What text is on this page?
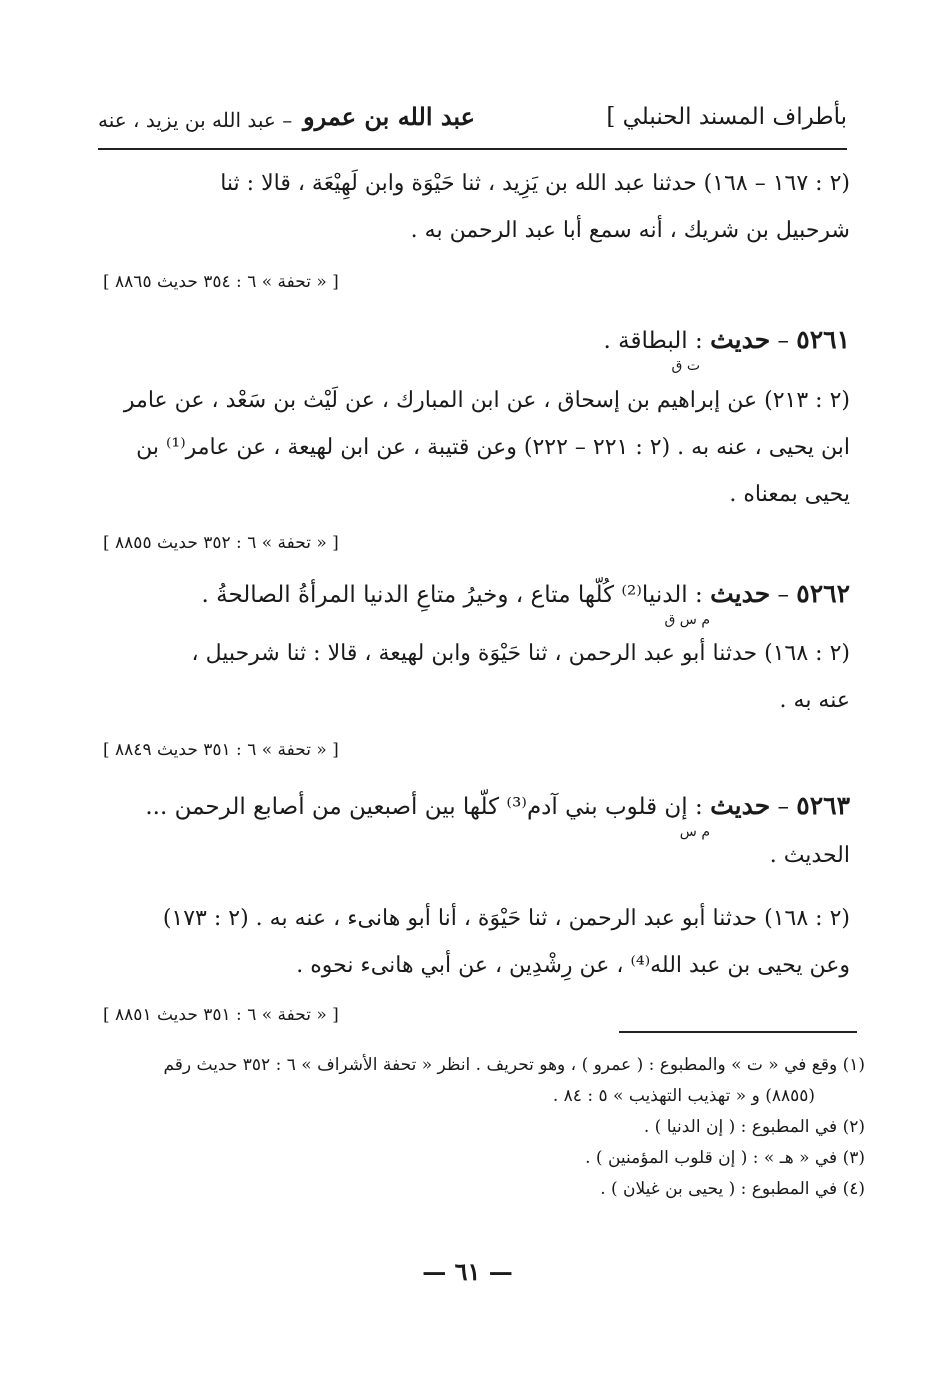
بأطراف المسند الحنبلي ]
عبد الله بن عمرو
– عبد الله بن يزيد ، عنه

(٢ : ١٦٧ – ١٦٨) حدثنا عبد الله بن يَزِيد ، ثنا حَيْوَة وابن لَهِيْعَة ، قالا : ثنا

شرحبيل بن شريك ، أنه سمع أبا عبد الرحمن به .

[ « تحفة » ٦ : ٣٥٤ حديث ٨٨٦٥ ]

٥٢٦١ – حديث : البطاقة .
ت ق

(٢ : ٢١٣) عن إبراهيم بن إسحاق ، عن ابن المبارك ، عن لَيْث بن سَعْد ، عن عامر

ابن يحيى ، عنه به . (٢ : ٢٢١ – ٢٢٢) وعن قتيبة ، عن ابن لهيعة ، عن عامر⁽¹⁾ بن

يحيى بمعناه .

[ « تحفة » ٦ : ٣٥٢ حديث ٨٨٥٥ ]

٥٢٦٢ – حديث : الدنيا⁽²⁾ كُلّها متاع ، وخيرُ متاعِ الدنيا المرأةُ الصالحةُ .
م س ق

(٢ : ١٦٨) حدثنا أبو عبد الرحمن ، ثنا حَيْوَة وابن لهيعة ، قالا : ثنا شرحبيل ،

عنه به .

[ « تحفة » ٦ : ٣٥١ حديث ٨٨٤٩ ]

٥٢٦٣ – حديث : إن قلوب بني آدم⁽³⁾ كلّها بين أصبعين من أصابع الرحمن ...
م س

الحديث .

(٢ : ١٦٨) حدثنا أبو عبد الرحمن ، ثنا حَيْوَة ، أنا أبو هانىء ، عنه به . (٢ : ١٧٣)

وعن يحيى بن عبد الله⁽⁴⁾ ، عن رِشْدِين ، عن أبي هانىء نحوه .

[ « تحفة » ٦ : ٣٥١ حديث ٨٨٥١ ]

(١) وقع في « ت » والمطبوع : ( عمرو ) ، وهو تحريف . انظر « تحفة الأشراف » ٦ : ٣٥٢ حديث رقم

(٨٨٥٥) و « تهذيب التهذيب » ٥ : ٨٤ .

(٢) في المطبوع : ( إن الدنيا ) .

(٣) في « هـ » : ( إن قلوب المؤمنين ) .

(٤) في المطبوع : ( يحيى بن غيلان ) .

— ٦١ —
